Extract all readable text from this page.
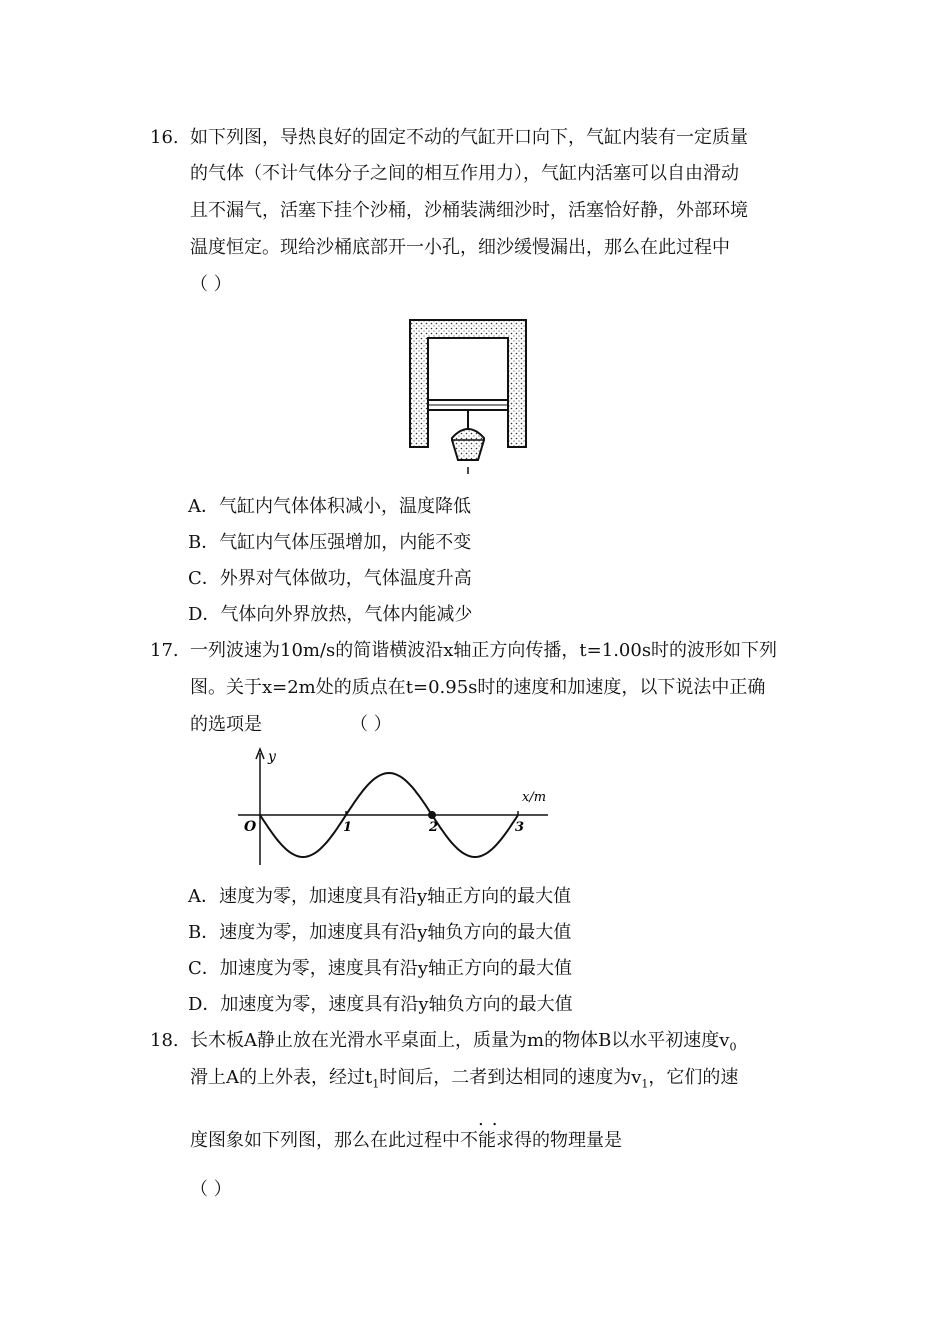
16. 如下列图，导热良好的固定不动的气缸开口向下，气缸内装有一定质量
的气体（不计气体分子之间的相互作用力），气缸内活塞可以自由滑动
且不漏气，活塞下挂个沙桶，沙桶装满细沙时，活塞恰好静，外部环境
温度恒定。现给沙桶底部开一小孔，细沙缓慢漏出，那么在此过程中
（ ）
A．气缸内气体体积减小，温度降低
B．气缸内气体压强增加，内能不变
C．外界对气体做功，气体温度升高
D．气体向外界放热，气体内能减少
17. 一列波速为10m/s的简谐横波沿x轴正方向传播，t=1.00s时的波形如下列
图。关于x=2m处的质点在t=0.95s时的速度和加速度，以下说法中正确
的选项是	（ ）
y
x/m
O	1	2	3
A．速度为零，加速度具有沿y轴正方向的最大值
B．速度为零，加速度具有沿y轴负方向的最大值
C．加速度为零，速度具有沿y轴正方向的最大值
D．加速度为零，速度具有沿y轴负方向的最大值
18. 长木板A静止放在光滑水平桌面上，质量为m的物体B以水平初速度$v_0$
滑上A的上外表，经过$t_1$时间后，二者到达相同的速度为$v_1$，它们的速
..
度图象如下列图，那么在此过程中不能求得的物理量是
（ ）
